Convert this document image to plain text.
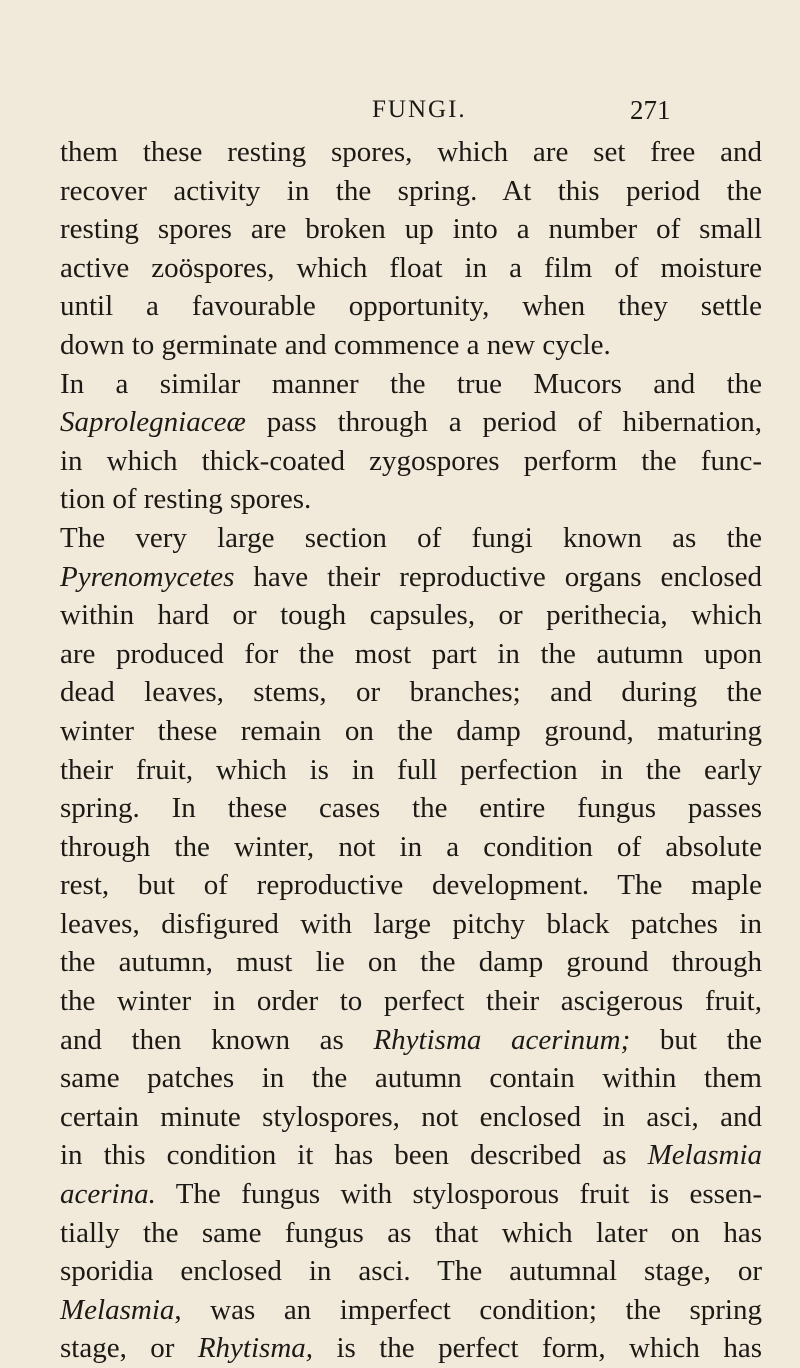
FUNGI.	271
them these resting spores, which are set free and
recover activity in the spring. At this period the
resting spores are broken up into a number of small
active zoöspores, which float in a film of moisture
until a favourable opportunity, when they settle
down to germinate and commence a new cycle.
In a similar manner the true Mucors and the
Saprolegniaceæ pass through a period of hibernation,
in which thick-coated zygospores perform the func-
tion of resting spores.
The very large section of fungi known as the
Pyrenomycetes have their reproductive organs enclosed
within hard or tough capsules, or perithecia, which
are produced for the most part in the autumn upon
dead leaves, stems, or branches; and during the
winter these remain on the damp ground, maturing
their fruit, which is in full perfection in the early
spring. In these cases the entire fungus passes
through the winter, not in a condition of absolute
rest, but of reproductive development. The maple
leaves, disfigured with large pitchy black patches in
the autumn, must lie on the damp ground through
the winter in order to perfect their ascigerous fruit,
and then known as Rhytisma acerinum; but the
same patches in the autumn contain within them
certain minute stylospores, not enclosed in asci, and
in this condition it has been described as Melasmia
acerina. The fungus with stylosporous fruit is essen-
tially the same fungus as that which later on has
sporidia enclosed in asci. The autumnal stage, or
Melasmia, was an imperfect condition; the spring
stage, or Rhytisma, is the perfect form, which has
